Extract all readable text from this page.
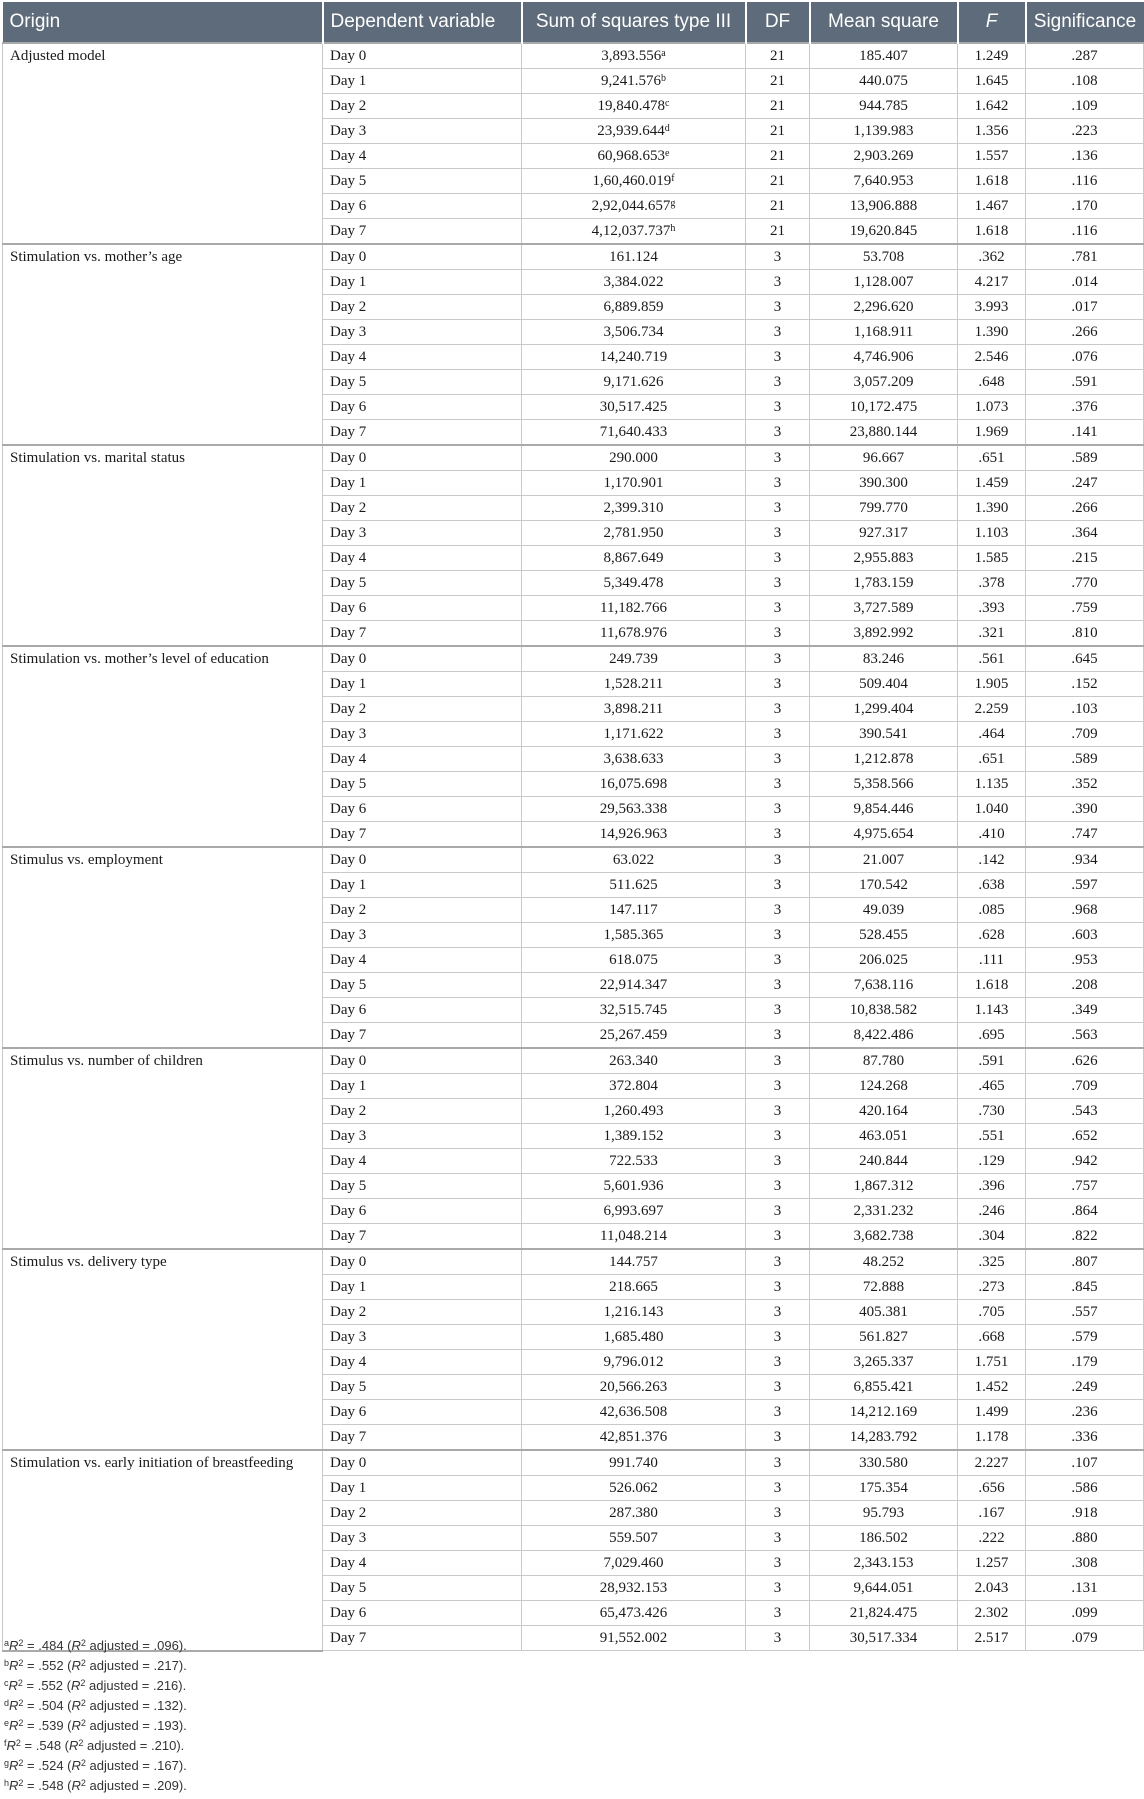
Origin	Dependent variable	Sum of squares type III	DF	Mean square	F	Significance
Adjusted model	Day 0	3,893.556$^a$	21	185.407	1.249	.287
	Day 1	9,241.576$^b$	21	440.075	1.645	.108
	Day 2	19,840.478$^c$	21	944.785	1.642	.109
	Day 3	23,939.644$^d$	21	1,139.983	1.356	.223
	Day 4	60,968.653e	21	2,903.269	1.557	.136
	Day 5	1,60,460.019$^f$	21	7,640.953	1.618	.116
	Day 6	2,92,044.657$^g$	21	13,906.888	1.467	.170
	Day 7	4,12,037.737$^h$	21	19,620.845	1.618	.116
Stimulation vs. mother’s age	Day 0	161.124	3	53.708	.362	.781
	Day 1	3,384.022	3	1,128.007	4.217	.014
	Day 2	6,889.859	3	2,296.620	3.993	.017
	Day 3	3,506.734	3	1,168.911	1.390	.266
	Day 4	14,240.719	3	4,746.906	2.546	.076
	Day 5	9,171.626	3	3,057.209	.648	.591
	Day 6	30,517.425	3	10,172.475	1.073	.376
	Day 7	71,640.433	3	23,880.144	1.969	.141
Stimulation vs. marital status	Day 0	290.000	3	96.667	.651	.589
	Day 1	1,170.901	3	390.300	1.459	.247
	Day 2	2,399.310	3	799.770	1.390	.266
	Day 3	2,781.950	3	927.317	1.103	.364
	Day 4	8,867.649	3	2,955.883	1.585	.215
	Day 5	5,349.478	3	1,783.159	.378	.770
	Day 6	11,182.766	3	3,727.589	.393	.759
	Day 7	11,678.976	3	3,892.992	.321	.810
Stimulation vs. mother’s level of education	Day 0	249.739	3	83.246	.561	.645
	Day 1	1,528.211	3	509.404	1.905	.152
	Day 2	3,898.211	3	1,299.404	2.259	.103
	Day 3	1,171.622	3	390.541	.464	.709
	Day 4	3,638.633	3	1,212.878	.651	.589
	Day 5	16,075.698	3	5,358.566	1.135	.352
	Day 6	29,563.338	3	9,854.446	1.040	.390
	Day 7	14,926.963	3	4,975.654	.410	.747
Stimulus vs. employment	Day 0	63.022	3	21.007	.142	.934
	Day 1	511.625	3	170.542	.638	.597
	Day 2	147.117	3	49.039	.085	.968
	Day 3	1,585.365	3	528.455	.628	.603
	Day 4	618.075	3	206.025	.111	.953
	Day 5	22,914.347	3	7,638.116	1.618	.208
	Day 6	32,515.745	3	10,838.582	1.143	.349
	Day 7	25,267.459	3	8,422.486	.695	.563
Stimulus vs. number of children	Day 0	263.340	3	87.780	.591	.626
	Day 1	372.804	3	124.268	.465	.709
	Day 2	1,260.493	3	420.164	.730	.543
	Day 3	1,389.152	3	463.051	.551	.652
	Day 4	722.533	3	240.844	.129	.942
	Day 5	5,601.936	3	1,867.312	.396	.757
	Day 6	6,993.697	3	2,331.232	.246	.864
	Day 7	11,048.214	3	3,682.738	.304	.822
Stimulus vs. delivery type	Day 0	144.757	3	48.252	.325	.807
	Day 1	218.665	3	72.888	.273	.845
	Day 2	1,216.143	3	405.381	.705	.557
	Day 3	1,685.480	3	561.827	.668	.579
	Day 4	9,796.012	3	3,265.337	1.751	.179
	Day 5	20,566.263	3	6,855.421	1.452	.249
	Day 6	42,636.508	3	14,212.169	1.499	.236
	Day 7	42,851.376	3	14,283.792	1.178	.336
Stimulation vs. early initiation of breastfeeding	Day 0	991.740	3	330.580	2.227	.107
	Day 1	526.062	3	175.354	.656	.586
	Day 2	287.380	3	95.793	.167	.918
	Day 3	559.507	3	186.502	.222	.880
	Day 4	7,029.460	3	2,343.153	1.257	.308
	Day 5	28,932.153	3	9,644.051	2.043	.131
	Day 6	65,473.426	3	21,824.475	2.302	.099
	Day 7	91,552.002	3	30,517.334	2.517	.079
$^aR^2 = .484$ ($R^2$ adjusted = .096).
$^bR^2 = .552$ ($R^2$ adjusted = .217).
$^cR^2 = .552$ ($R^2$ adjusted = .216).
$^dR^2 = .504$ ($R^2$ adjusted = .132).
$^eR^2 = .539$ ($R^2$ adjusted = .193).
$^fR^2 = .548$ ($R^2$ adjusted = .210).
$^gR^2 = .524$ ($R^2$ adjusted = .167).
$^hR^2 = .548$ ($R^2$ adjusted = .209).
